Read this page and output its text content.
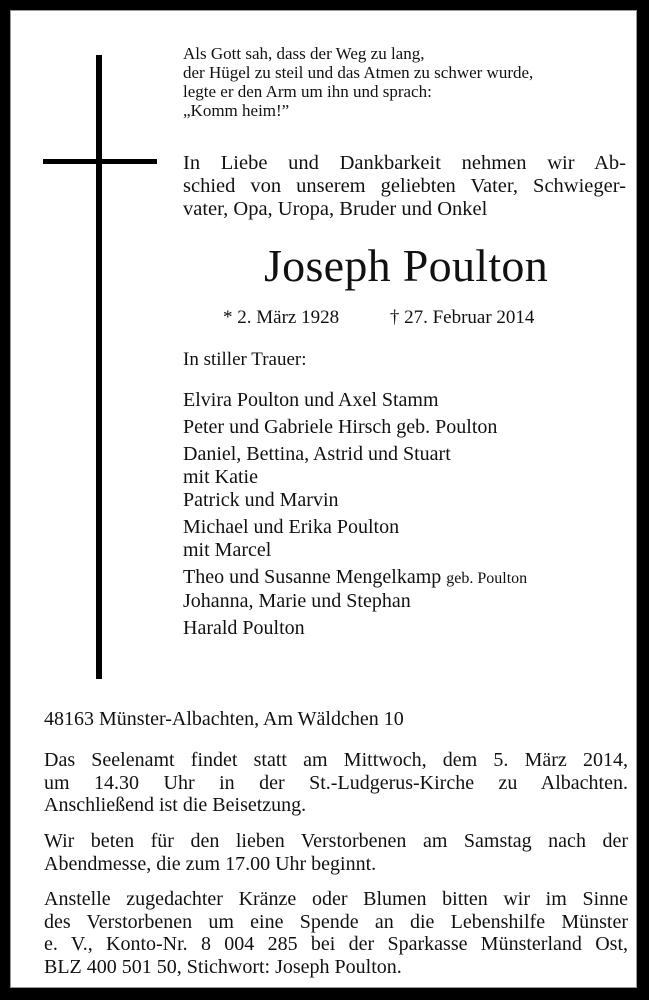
Als Gott sah, dass der Weg zu lang,
der Hügel zu steil und das Atmen zu schwer wurde,
legte er den Arm um ihn und sprach:
„Komm heim!”
In Liebe und Dankbarkeit nehmen wir Ab-
schied von unserem geliebten Vater, Schwieger-
vater, Opa, Uropa, Bruder und Onkel
Joseph Poulton
* 2. März 1928	† 27. Februar 2014
In stiller Trauer:
Elvira Poulton und Axel Stamm
Peter und Gabriele Hirsch geb. Poulton
Daniel, Bettina, Astrid und Stuart
mit Katie
Patrick und Marvin
Michael und Erika Poulton
mit Marcel
Theo und Susanne Mengelkamp geb. Poulton
Johanna, Marie und Stephan
Harald Poulton
48163 Münster-Albachten, Am Wäldchen 10
Das Seelenamt findet statt am Mittwoch, dem 5. März 2014,
um 14.30 Uhr in der St.-Ludgerus-Kirche zu Albachten.
Anschließend ist die Beisetzung.
Wir beten für den lieben Verstorbenen am Samstag nach der
Abendmesse, die zum 17.00 Uhr beginnt.
Anstelle zugedachter Kränze oder Blumen bitten wir im Sinne
des Verstorbenen um eine Spende an die Lebenshilfe Münster
e. V., Konto-Nr. 8 004 285 bei der Sparkasse Münsterland Ost,
BLZ 400 501 50, Stichwort: Joseph Poulton.
